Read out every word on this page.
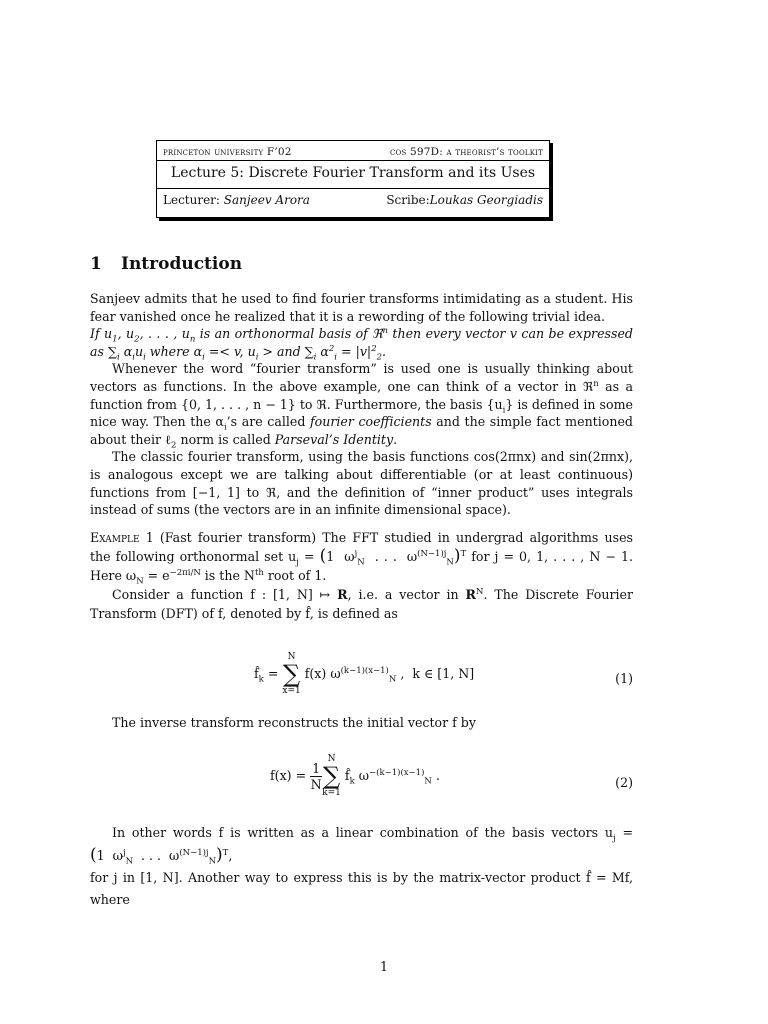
princeton university F’02	cos 597D: a theorist’s toolkit
Lecture 5: Discrete Fourier Transform and its Uses
Lecturer: Sanjeev Arora	Scribe:Loukas Georgiadis
1 Introduction

Sanjeev admits that he used to find fourier transforms intimidating as a student. His fear vanished once he realized that it is a rewording of the following trivial idea.

If $u_1$, $u_2$, . . . , $u_n$ is an orthonormal basis of ℜ$^n$ then every vector v can be expressed as $\sum_i$ $\alpha_iu_i$ where $\alpha_i =< v$, $u_i$ > and $\sum_i$ $\alpha^2_i = |v|^2_2$.

Whenever the word “fourier transform” is used one is usually thinking about vectors as functions. In the above example, one can think of a vector in ℜ$^n$ as a function from {0, 1, . . . , n − 1} to ℜ. Furthermore, the basis $\{u_i\}$ is defined in some nice way. Then the $\alpha_i’s$ are called fourier coefficients and the simple fact mentioned about their ℓ$_2$ norm is called Parseval’s Identity.

The classic fourier transform, using the basis functions cos(2πnx) and sin(2πnx), is analogous except we are talking about differentiable (or at least continuous) functions from [−1, 1] to ℜ, and the definition of “inner product” uses integrals instead of sums (the vectors are in an infinite dimensional space).

Example 1 (Fast fourier transform) The FFT studied in undergrad algorithms uses the following orthonormal set $u_j = (1$  $\omega^j_N$  . . .  $\omega^{(N-1)j}_N)^T$ for j = 0, 1, . . . , N − 1. Here $\omega_N = e^{-2\pi i/N}$ is the $N^{th}$ root of 1.

Consider a function f : [1, N] ↦ R, i.e. a vector in $R^N$. The Discrete Fourier Transform (DFT) of f, denoted by f̂, is defined as

$f̂_k$ =
N
∑
x=1
f(x) $\omega^{(k-1)(x-1)}_N$ ,  k ∈ [1, N]	(1)

The inverse transform reconstructs the initial vector f by

$f(x) = \frac{1}{N}$
N
∑
k=1
$f̂_k$ $\omega^{-(k-1)(x-1)}_N$ .	(2)

In other words f is written as a linear combination of the basis vectors $u_j = (1$  $\omega^j_N$  . . .  $\omega^{(N-1)j}_N)^T$,

for j in [1, N]. Another way to express this is by the matrix-vector product f̂ = Mf, where

1
